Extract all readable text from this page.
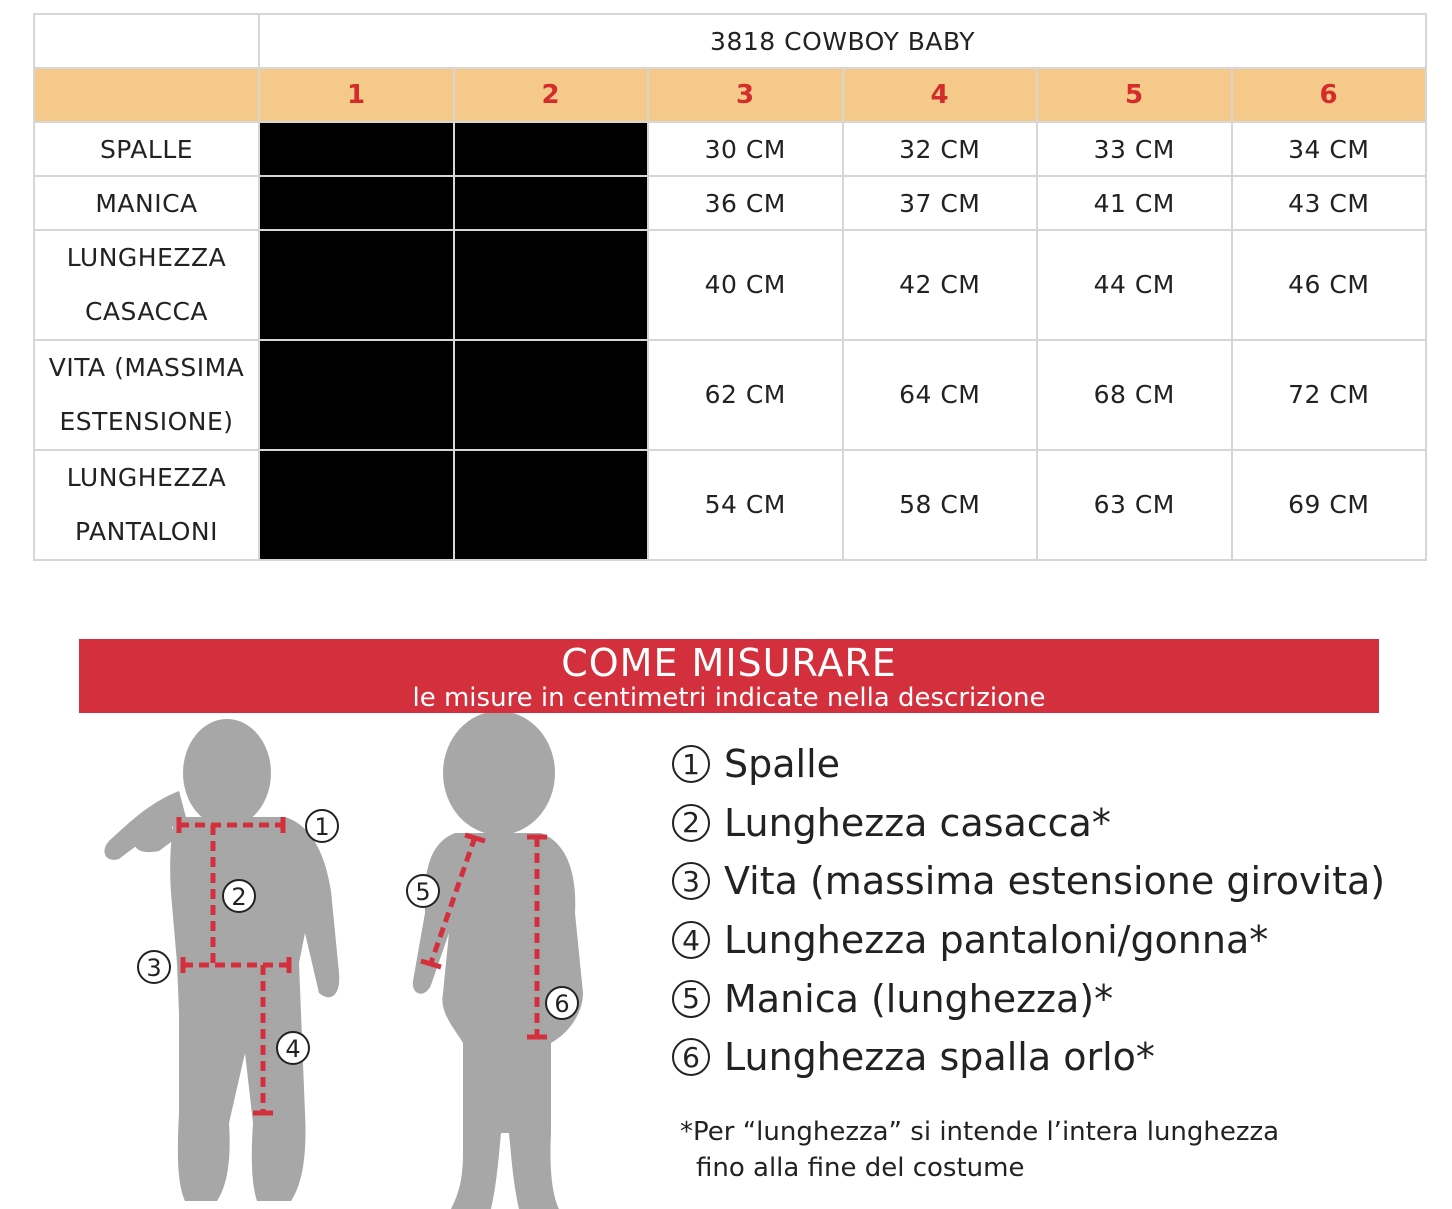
	3818 COWBOY BABY					
	1	2	3	4	5	6
SPALLE			30 CM	32 CM	33 CM	34 CM
MANICA			36 CM	37 CM	41 CM	43 CM
LUNGHEZZA
CASACCA			40 CM	42 CM	44 CM	46 CM
VITA (MASSIMA
ESTENSIONE)			62 CM	64 CM	68 CM	72 CM
LUNGHEZZA
PANTALONI			54 CM	58 CM	63 CM	69 CM
COME MISURARE
le misure in centimetri indicate nella descrizione
1
2
3
4
5
6
1 Spalle
2 Lunghezza casacca*
3 Vita (massima estensione girovita)
4 Lunghezza pantaloni/gonna*
5 Manica (lunghezza)*
6 Lunghezza spalla orlo*
*Per “lunghezza” si intende l’intera lunghezza
fino alla fine del costume
